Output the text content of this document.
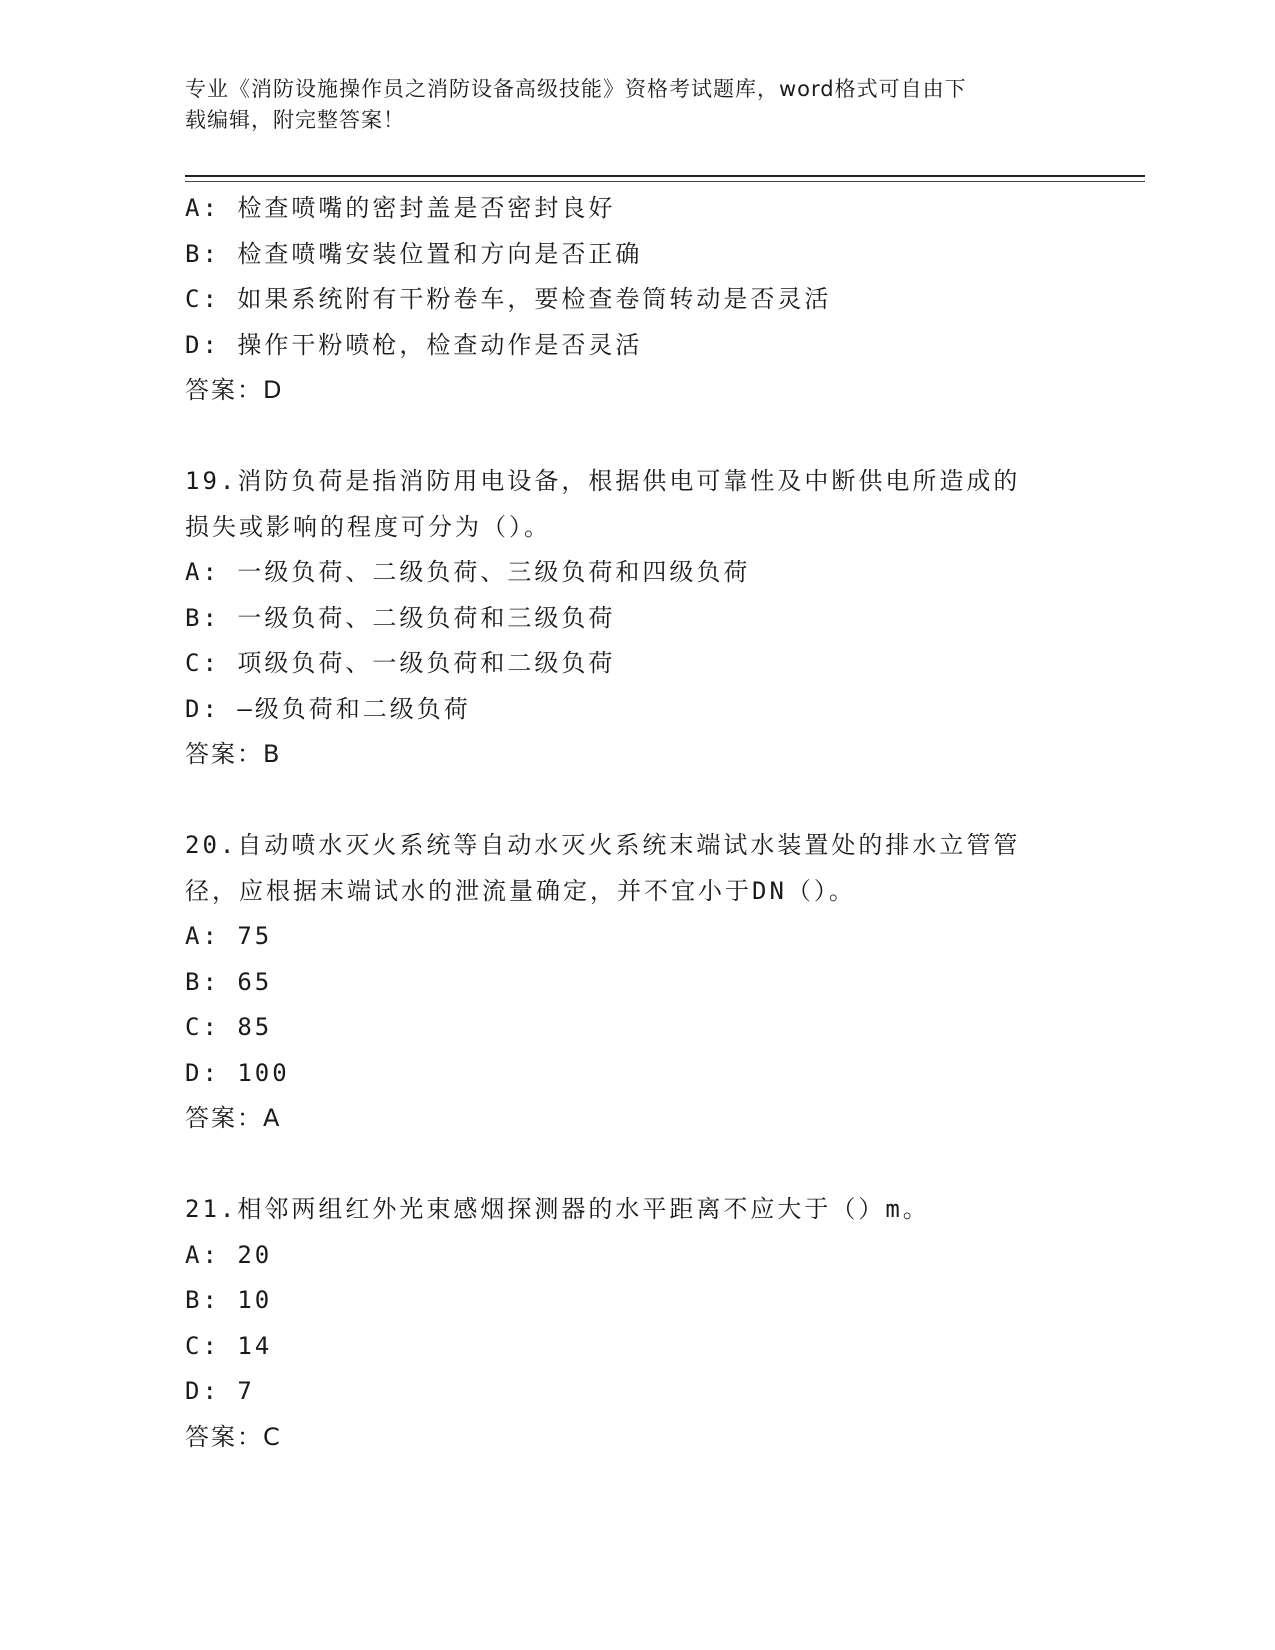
专业《消防设施操作员之消防设备高级技能》资格考试题库，word格式可自由下
载编辑，附完整答案！
A: 检查喷嘴的密封盖是否密封良好
B: 检查喷嘴安装位置和方向是否正确
C: 如果系统附有干粉卷车，要检查卷筒转动是否灵活
D: 操作干粉喷枪，检查动作是否灵活
答案：D
19.消防负荷是指消防用电设备，根据供电可靠性及中断供电所造成的
损失或影响的程度可分为（）。
A: 一级负荷、二级负荷、三级负荷和四级负荷
B: 一级负荷、二级负荷和三级负荷
C: 项级负荷、一级负荷和二级负荷
D: —级负荷和二级负荷
答案：B
20.自动喷水灭火系统等自动水灭火系统末端试水装置处的排水立管管
径，应根据末端试水的泄流量确定，并不宜小于DN（）。
A: 75
B: 65
C: 85
D: 100
答案：A
21.相邻两组红外光束感烟探测器的水平距离不应大于（）m。
A: 20
B: 10
C: 14
D: 7
答案：C
